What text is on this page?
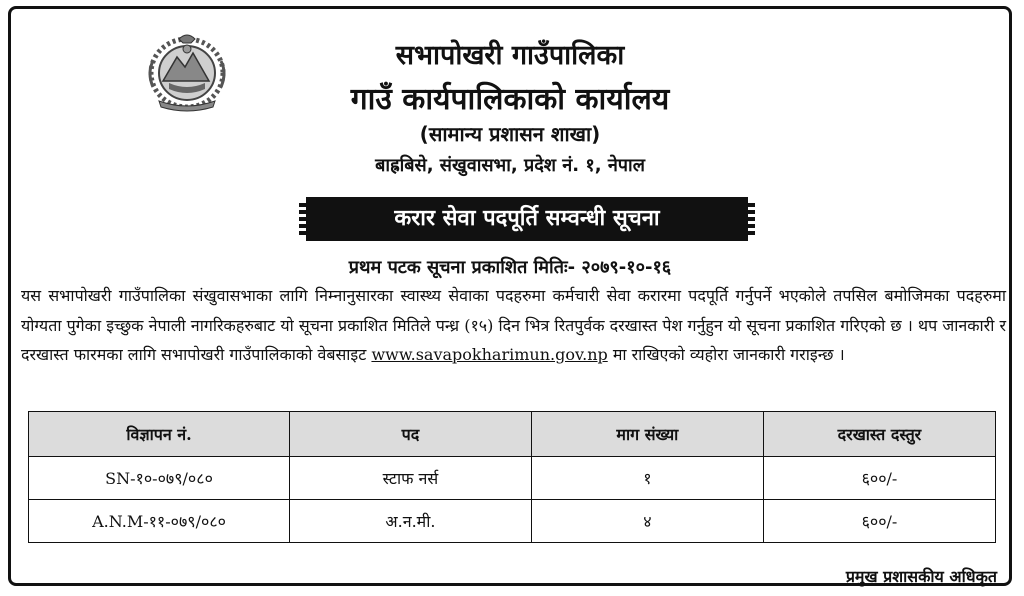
सभापोखरी गाउँपालिका
गाउँ कार्यपालिकाको कार्यालय
(सामान्य प्रशासन शाखा)
बाह्रबिसे, संखुवासभा, प्रदेश नं. १, नेपाल
करार सेवा पदपूर्ति सम्वन्धी सूचना
प्रथम पटक सूचना प्रकाशित मितिः- २०७९-१०-१६
यस सभापोखरी गाउँपालिका संखुवासभाका लागि निम्नानुसारका स्वास्थ्य सेवाका पदहरुमा कर्मचारी सेवा करारमा पदपूर्ति गर्नुपर्ने भएकोले तपसिल बमोजिमका पदहरुमा योग्यता पुगेका इच्छुक नेपाली नागरिकहरुबाट यो सूचना प्रकाशित मितिले पन्ध्र (१५) दिन भित्र रितपुर्वक दरखास्त पेश गर्नुहुन यो सूचना प्रकाशित गरिएको छ । थप जानकारी र दरखास्त फारमका लागि सभापोखरी गाउँपालिकाको वेबसाइट www.savapokharimun.gov.np मा राखिएको व्यहोरा जानकारी गराइन्छ ।
विज्ञापन नं.	पद	माग संख्या	दरखास्त दस्तुर
SN-१०-०७९/०८०	स्टाफ नर्स	१	६००/-
A.N.M-११-०७९/०८०	अ.न.मी.	४	६००/-
प्रमुख प्रशासकीय अधिकृत
